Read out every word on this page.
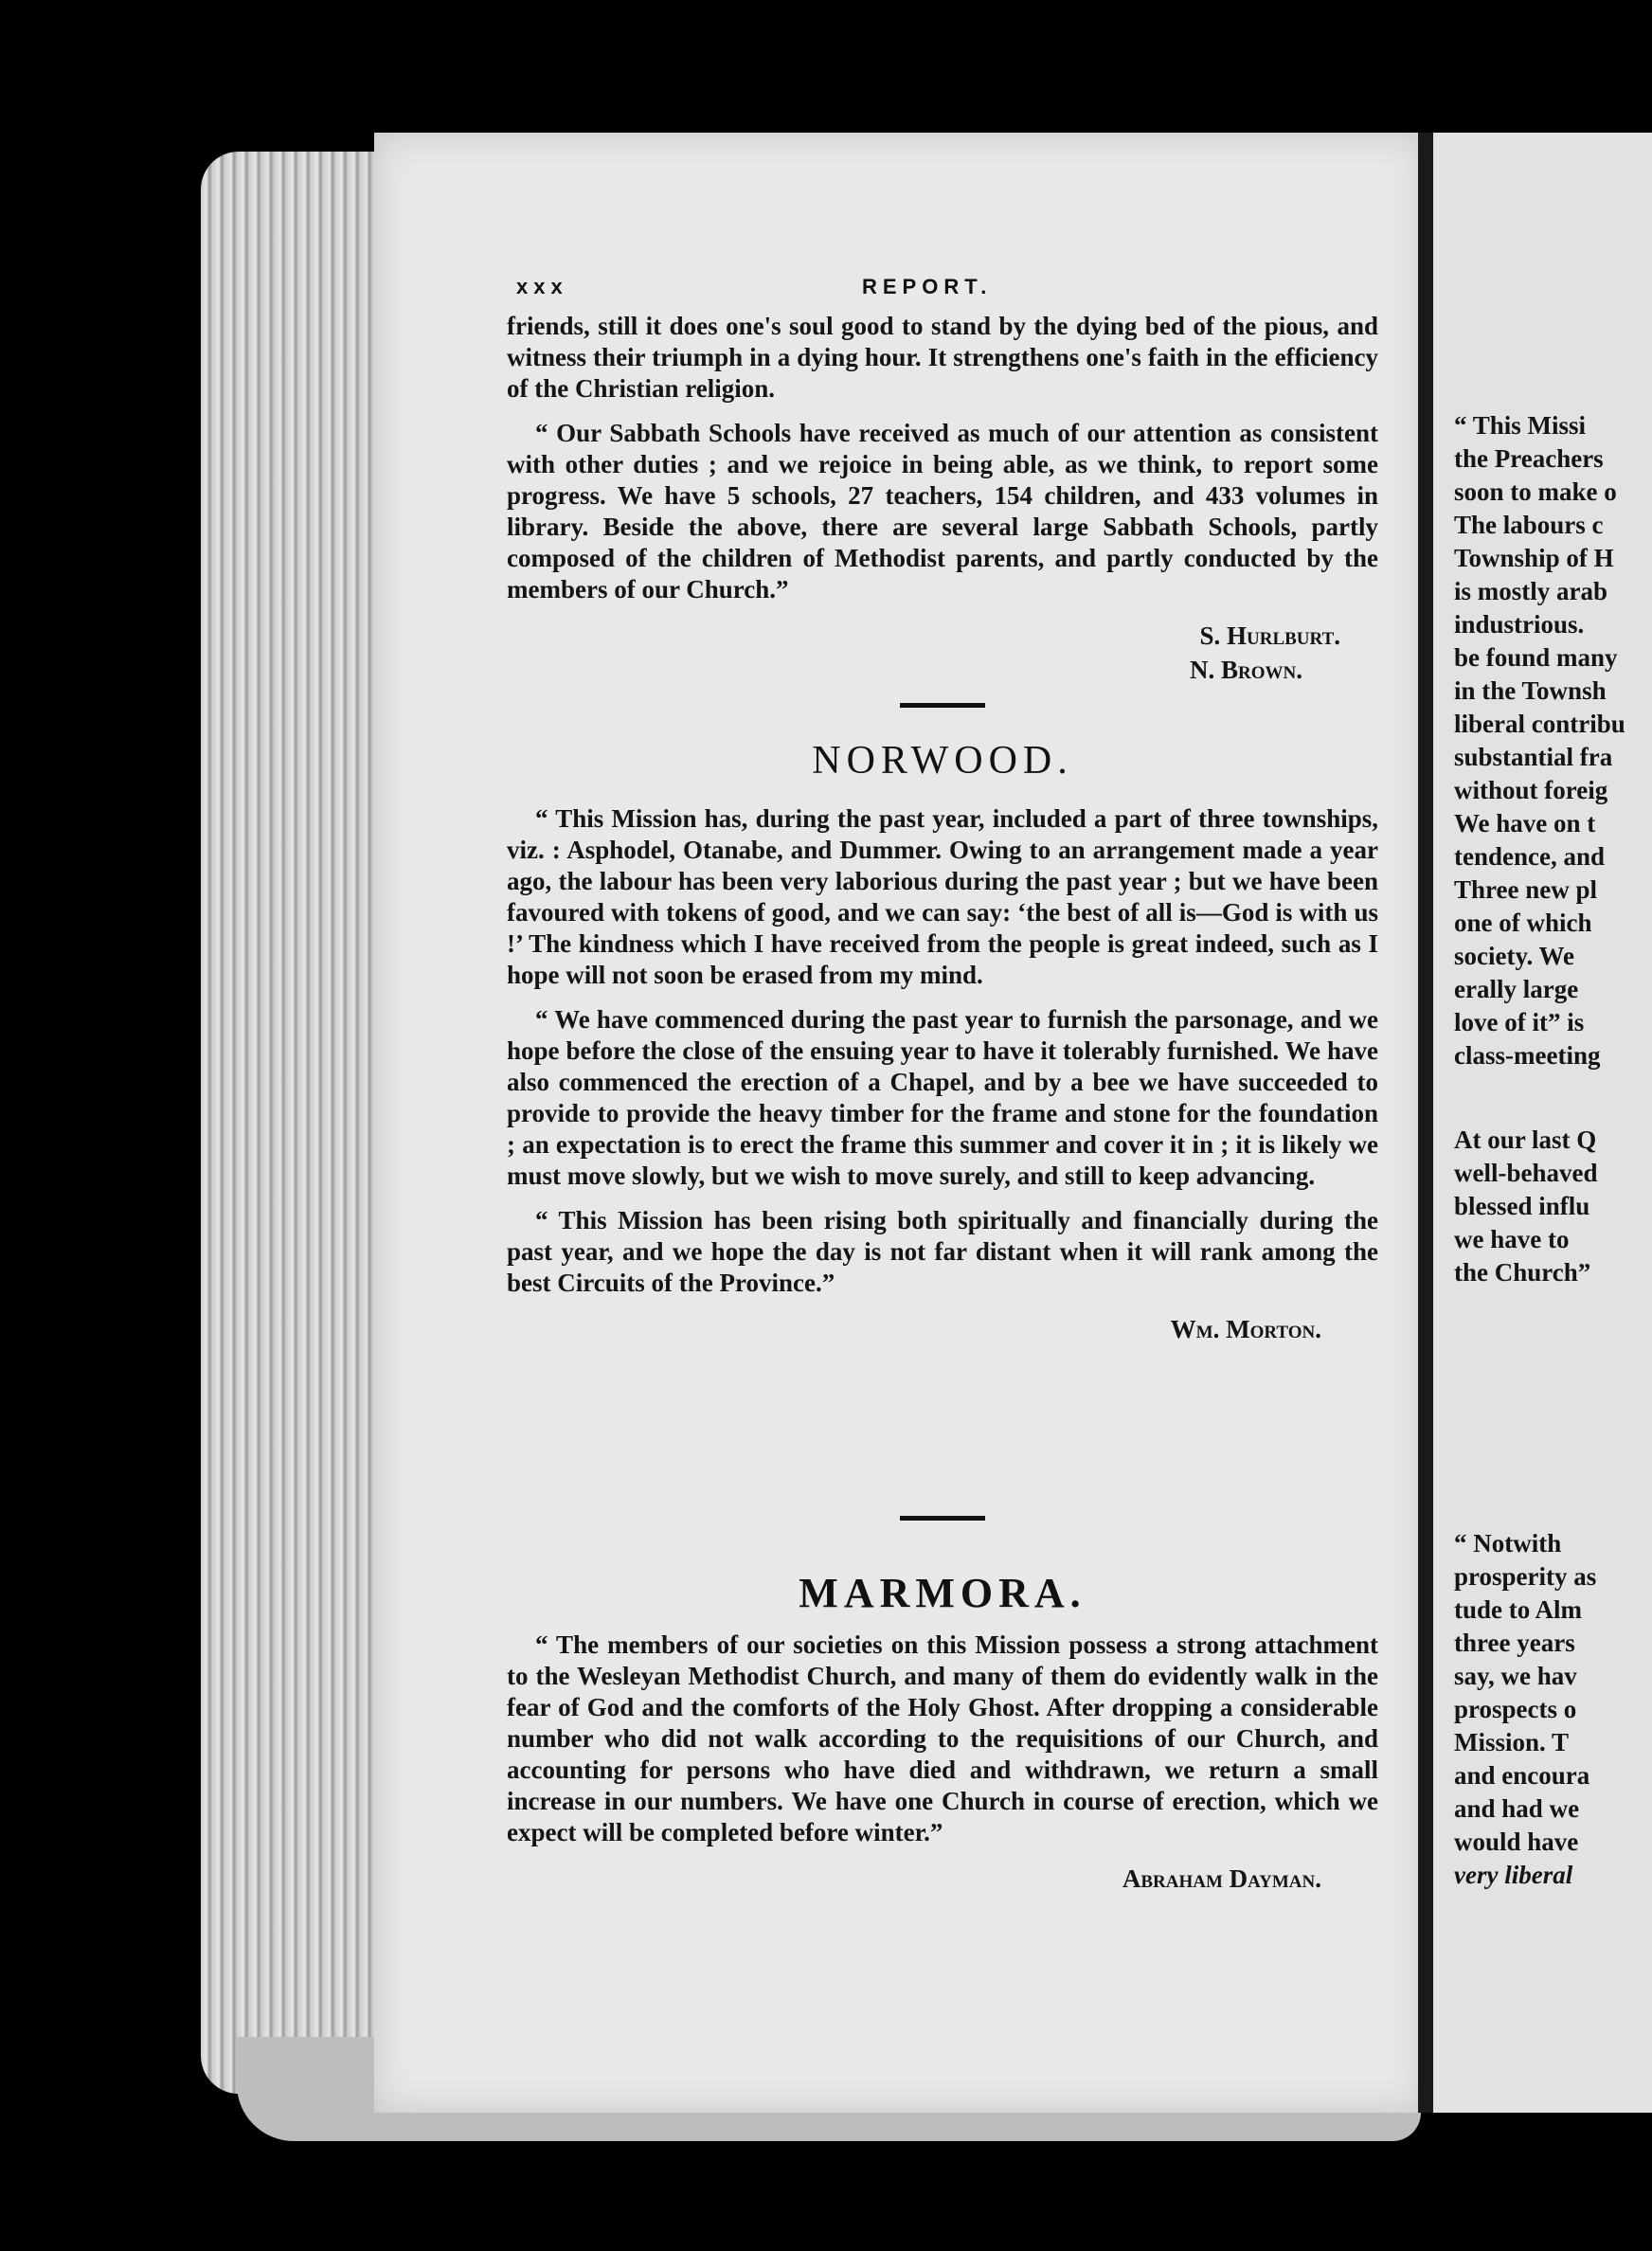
xxx	REPORT.

friends, still it does one's soul good to stand by the dying bed of the pious, and witness their triumph in a dying hour. It strengthens one's faith in the efficiency of the Christian religion.

“ Our Sabbath Schools have received as much of our attention as consistent with other duties ; and we rejoice in being able, as we think, to report some progress. We have 5 schools, 27 teachers, 154 children, and 433 volumes in library. Beside the above, there are several large Sabbath Schools, partly composed of the children of Methodist parents, and partly conducted by the members of our Church.”

S. Hurlburt.
N. Brown.
NORWOOD.

“ This Mission has, during the past year, included a part of three townships, viz. : Asphodel, Otanabe, and Dummer. Owing to an arrangement made a year ago, the labour has been very laborious during the past year ; but we have been favoured with tokens of good, and we can say: ‘the best of all is—God is with us !’ The kindness which I have received from the people is great indeed, such as I hope will not soon be erased from my mind.

“ We have commenced during the past year to furnish the parsonage, and we hope before the close of the ensuing year to have it tolerably furnished. We have also commenced the erection of a Chapel, and by a bee we have succeeded to provide to provide the heavy timber for the frame and stone for the foundation ; an expectation is to erect the frame this summer and cover it in ; it is likely we must move slowly, but we wish to move surely, and still to keep advancing.

“ This Mission has been rising both spiritually and financially during the past year, and we hope the day is not far distant when it will rank among the best Circuits of the Province.”

Wm. Morton.
MARMORA.

“ The members of our societies on this Mission possess a strong attachment to the Wesleyan Methodist Church, and many of them do evidently walk in the fear of God and the comforts of the Holy Ghost. After dropping a considerable number who did not walk according to the requisitions of our Church, and accounting for persons who have died and withdrawn, we return a small increase in our numbers. We have one Church in course of erection, which we expect will be completed before winter.”

Abraham Dayman.
“ This Missi
the Preachers
soon to make o
The labours c
Township of H
is mostly arab
industrious.
be found many
in the Townsh
liberal contribu
substantial fra
without foreig
We have on t
tendence, and
Three new pl
one of which
society. We
erally large
love of it” is
class-meeting
At our last Q
well-behaved
blessed influ
we have to
the Church”
“ Notwith
prosperity as
tude to Alm
three years
say, we hav
prospects o
Mission. T
and encoura
and had we
would have
very liberal
